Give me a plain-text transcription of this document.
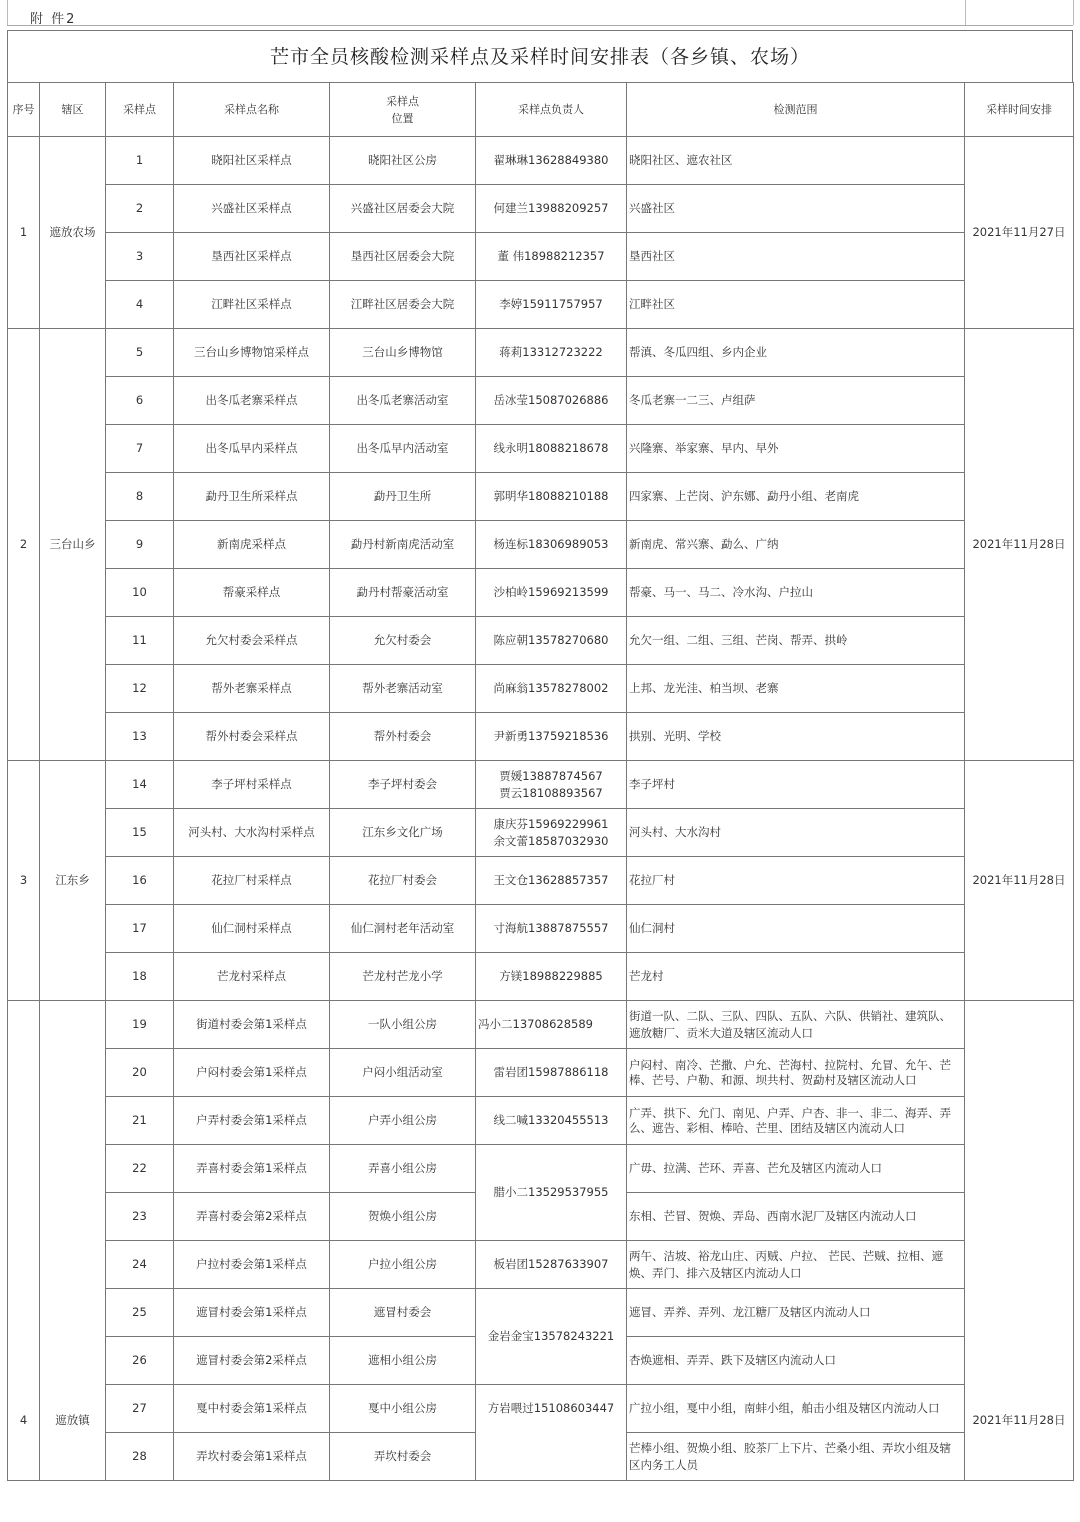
附 件2
芒市全员核酸检测采样点及采样时间安排表（各乡镇、农场）
序号	辖区	采样点	采样点名称	采样点
位置	采样点负责人	检测范围	采样时间安排
1	遮放农场	1	晓阳社区采样点	晓阳社区公房	翟琳琳13628849380	晓阳社区、遮农社区	2021年11月27日
		2	兴盛社区采样点	兴盛社区居委会大院	何建兰13988209257	兴盛社区	
		3	垦西社区采样点	垦西社区居委会大院	董 伟18988212357	垦西社区	
		4	江畔社区采样点	江畔社区居委会大院	李婷15911757957	江畔社区	
2	三台山乡	5	三台山乡博物馆采样点	三台山乡博物馆	蒋莉13312723222	帮滇、冬瓜四组、乡内企业	2021年11月28日
		6	出冬瓜老寨采样点	出冬瓜老寨活动室	岳冰莹15087026886	冬瓜老寨一二三、卢组萨	
		7	出冬瓜早内采样点	出冬瓜早内活动室	线永明18088218678	兴隆寨、举家寨、早内、早外	
		8	勐丹卫生所采样点	勐丹卫生所	郭明华18088210188	四家寨、上芒岗、沪东娜、勐丹小组、老南虎	
		9	新南虎采样点	勐丹村新南虎活动室	杨连标18306989053	新南虎、常兴寨、勐么、广纳	
		10	帮豪采样点	勐丹村帮豪活动室	沙柏岭15969213599	帮豪、马一、马二、冷水沟、户拉山	
		11	允欠村委会采样点	允欠村委会	陈应朝13578270680	允欠一组、二组、三组、芒岗、帮弄、拱岭	
		12	帮外老寨采样点	帮外老寨活动室	尚麻翁13578278002	上邦、龙光洼、柏当坝、老寨	
		13	帮外村委会采样点	帮外村委会	尹新勇13759218536	拱别、光明、学校	
3	江东乡	14	李子坪村采样点	李子坪村委会	贾媛13887874567
贾云18108893567	李子坪村	2021年11月28日
		15	河头村、大水沟村采样点	江东乡文化广场	康庆芬15969229961
余文蕾18587032930	河头村、大水沟村	
		16	花拉厂村采样点	花拉厂村委会	王文仓13628857357	花拉厂村	
		17	仙仁洞村采样点	仙仁洞村老年活动室	寸海航13887875557	仙仁洞村	
		18	芒龙村采样点	芒龙村芒龙小学	方镁18988229885	芒龙村	
4	遮放镇	19	街道村委会第1采样点	一队小组公房	冯小二13708628589	街道一队、二队、三队、四队、五队、六队、供销社、建筑队、遮放糖厂、贡米大道及辖区流动人口	2021年11月28日
		20	户闷村委会第1采样点	户闷小组活动室	雷岩团15987886118	户闷村、南冷、芒撒、户允、芒海村、拉院村、允冒、允午、芒棒、芒号、户勒、和源、坝共村、贺勐村及辖区流动人口	
		21	户弄村委会第1采样点	户弄小组公房	线二喊13320455513	广弄、拱下、允门、南见、户弄、户杏、非一、非二、海弄、弄么、遮告、彩相、棒哈、芒里、团结及辖区内流动人口	
		22	弄喜村委会第1采样点	弄喜小组公房	腊小二13529537955	广毋、拉满、芒环、弄喜、芒允及辖区内流动人口	
		23	弄喜村委会第2采样点	贺焕小组公房		东相、芒冒、贺焕、弄岛、西南水泥厂及辖区内流动人口	
		24	户拉村委会第1采样点	户拉小组公房	板岩团15287633907	两午、洁坡、裕龙山庄、丙贼、户拉、 芒民、芒贼、拉相、遮焕、弄门、排六及辖区内流动人口	
		25	遮冒村委会第1采样点	遮冒村委会	金岩金宝13578243221	遮冒、弄养、弄列、龙江糖厂及辖区内流动人口	
		26	遮冒村委会第2采样点	遮相小组公房		杏焕遮相、弄弄、跌下及辖区内流动人口	
		27	戛中村委会第1采样点	戛中小组公房	方岩喂过15108603447	广拉小组，戛中小组，南蚌小组，舶击小组及辖区内流动人口	
		28	弄坎村委会第1采样点	弄坎村委会		芒棒小组、贺焕小组、胶茶厂上下片、芒桑小组、弄坎小组及辖区内务工人员	
